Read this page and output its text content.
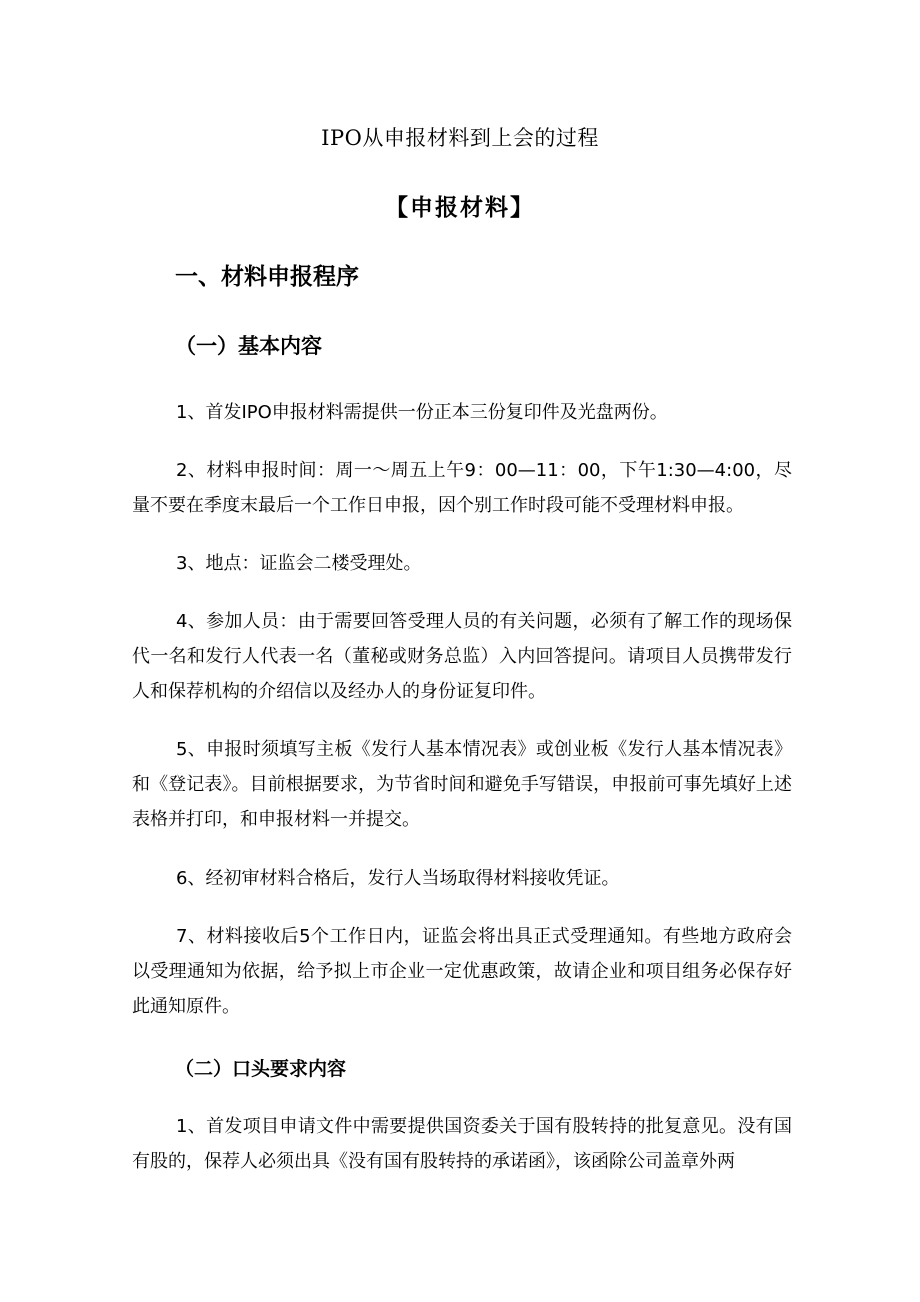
IPO从申报材料到上会的过程
【申报材料】
一、材料申报程序
（一）基本内容
1、首发IPO申报材料需提供一份正本三份复印件及光盘两份。
2、材料申报时间：周一～周五上午9：00—11：00，下午1:30—4:00，尽量不要在季度末最后一个工作日申报，因个别工作时段可能不受理材料申报。
3、地点：证监会二楼受理处。
4、参加人员：由于需要回答受理人员的有关问题，必须有了解工作的现场保代一名和发行人代表一名（董秘或财务总监）入内回答提问。请项目人员携带发行人和保荐机构的介绍信以及经办人的身份证复印件。
5、申报时须填写主板《发行人基本情况表》或创业板《发行人基本情况表》和《登记表》。目前根据要求，为节省时间和避免手写错误，申报前可事先填好上述表格并打印，和申报材料一并提交。
6、经初审材料合格后，发行人当场取得材料接收凭证。
7、材料接收后5个工作日内，证监会将出具正式受理通知。有些地方政府会以受理通知为依据，给予拟上市企业一定优惠政策，故请企业和项目组务必保存好此通知原件。
（二）口头要求内容
1、首发项目申请文件中需要提供国资委关于国有股转持的批复意见。没有国有股的，保荐人必须出具《没有国有股转持的承诺函》，该函除公司盖章外两
